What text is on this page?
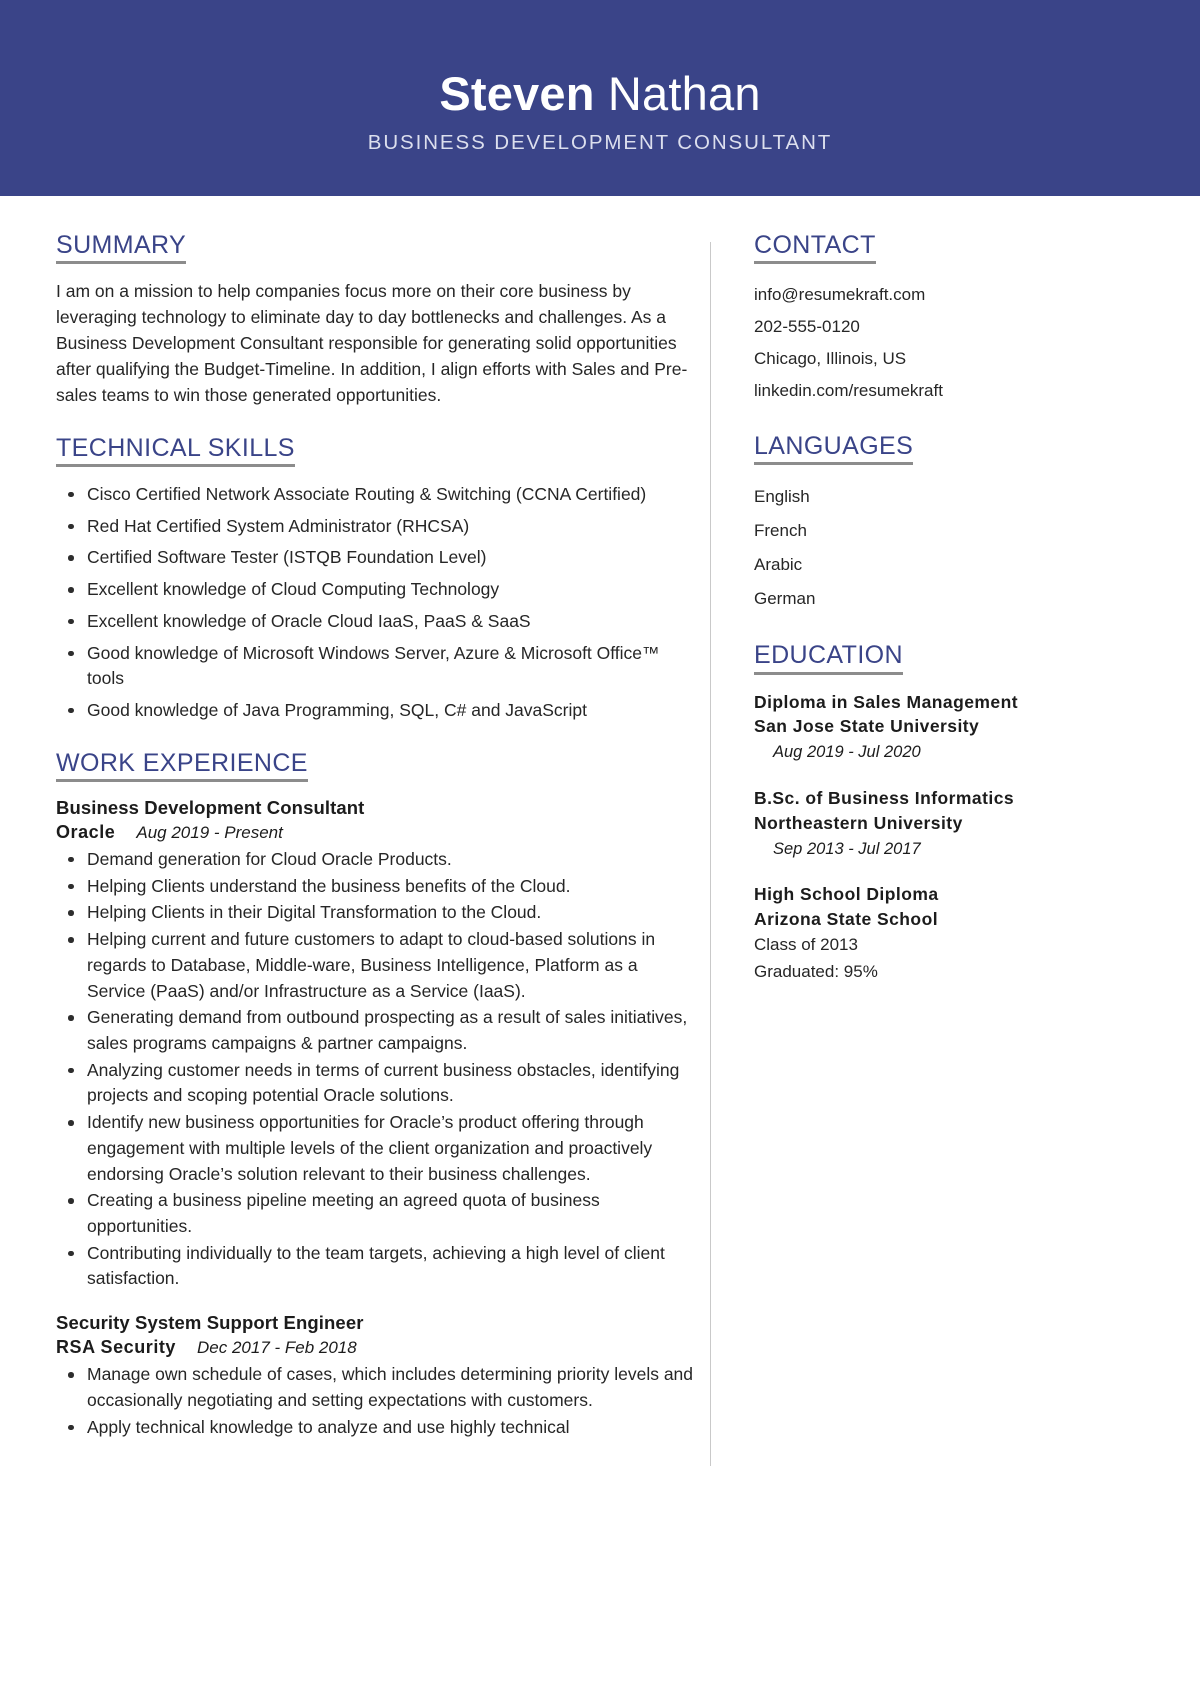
Steven Nathan
BUSINESS DEVELOPMENT CONSULTANT
SUMMARY

I am on a mission to help companies focus more on their core business by leveraging technology to eliminate day to day bottlenecks and challenges. As a Business Development Consultant responsible for generating solid opportunities after qualifying the Budget-Timeline. In addition, I align efforts with Sales and Pre-sales teams to win those generated opportunities.

TECHNICAL SKILLS
Cisco Certified Network Associate Routing & Switching (CCNA Certified)
Red Hat Certified System Administrator (RHCSA)
Certified Software Tester (ISTQB Foundation Level)
Excellent knowledge of Cloud Computing Technology
Excellent knowledge of Oracle Cloud IaaS, PaaS & SaaS
Good knowledge of Microsoft Windows Server, Azure & Microsoft Office™ tools
Good knowledge of Java Programming, SQL, C# and JavaScript
WORK EXPERIENCE
Business Development Consultant
Oracle Aug 2019 - Present
Demand generation for Cloud Oracle Products.
Helping Clients understand the business benefits of the Cloud.
Helping Clients in their Digital Transformation to the Cloud.
Helping current and future customers to adapt to cloud-based solutions in regards to Database, Middle-ware, Business Intelligence, Platform as a Service (PaaS) and/or Infrastructure as a Service (IaaS).
Generating demand from outbound prospecting as a result of sales initiatives, sales programs campaigns & partner campaigns.
Analyzing customer needs in terms of current business obstacles, identifying projects and scoping potential Oracle solutions.
Identify new business opportunities for Oracle’s product offering through engagement with multiple levels of the client organization and proactively endorsing Oracle’s solution relevant to their business challenges.
Creating a business pipeline meeting an agreed quota of business opportunities.
Contributing individually to the team targets, achieving a high level of client satisfaction.
Security System Support Engineer
RSA Security Dec 2017 - Feb 2018
Manage own schedule of cases, which includes determining priority levels and occasionally negotiating and setting expectations with customers.
Apply technical knowledge to analyze and use highly technical
CONTACT
info@resumekraft.com
202-555-0120
Chicago, Illinois, US
linkedin.com/resumekraft
LANGUAGES
English
French
Arabic
German
EDUCATION
Diploma in Sales Management
San Jose State University
Aug 2019 - Jul 2020
B.Sc. of Business Informatics
Northeastern University
Sep 2013 - Jul 2017
High School Diploma
Arizona State School
Class of 2013
Graduated: 95%
